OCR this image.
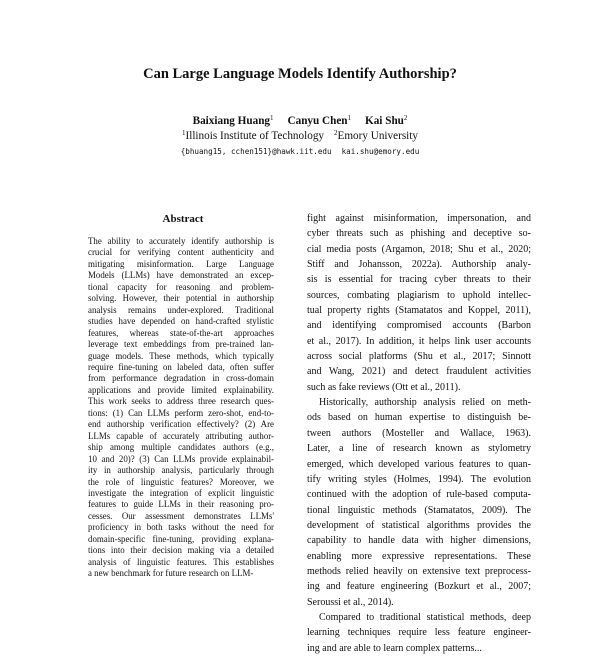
Can Large Language Models Identify Authorship?
Baixiang Huang$^1$ Canyu Chen$^1$ Kai Shu$^2$
$^1$Illinois Institute of Technology $^2$Emory University
{bhuang15, cchen151}@hawk.iit.edu kai.shu@emory.edu
Abstract
The ability to accurately identify authorship is
crucial for verifying content authenticity and
mitigating misinformation. Large Language
Models (LLMs) have demonstrated an excep-
tional capacity for reasoning and problem-
solving. However, their potential in authorship
analysis remains under-explored. Traditional
studies have depended on hand-crafted stylistic
features, whereas state-of-the-art approaches
leverage text embeddings from pre-trained lan-
guage models. These methods, which typically
require fine-tuning on labeled data, often suffer
from performance degradation in cross-domain
applications and provide limited explainability.
This work seeks to address three research ques-
tions: (1) Can LLMs perform zero-shot, end-to-
end authorship verification effectively? (2) Are
LLMs capable of accurately attributing author-
ship among multiple candidates authors (e.g.,
10 and 20)? (3) Can LLMs provide explainabil-
ity in authorship analysis, particularly through
the role of linguistic features? Moreover, we
investigate the integration of explicit linguistic
features to guide LLMs in their reasoning pro-
cesses. Our assessment demonstrates LLMs'
proficiency in both tasks without the need for
domain-specific fine-tuning, providing explana-
tions into their decision making via a detailed
analysis of linguistic features. This establishes
a new benchmark for future research on LLM-
fight against misinformation, impersonation, and
cyber threats such as phishing and deceptive so-
cial media posts (Argamon, 2018; Shu et al., 2020;
Stiff and Johansson, 2022a). Authorship analy-
sis is essential for tracing cyber threats to their
sources, combating plagiarism to uphold intellec-
tual property rights (Stamatatos and Koppel, 2011),
and identifying compromised accounts (Barbon
et al., 2017). In addition, it helps link user accounts
across social platforms (Shu et al., 2017; Sinnott
and Wang, 2021) and detect fraudulent activities
such as fake reviews (Ott et al., 2011).
Historically, authorship analysis relied on meth-
ods based on human expertise to distinguish be-
tween authors (Mosteller and Wallace, 1963).
Later, a line of research known as stylometry
emerged, which developed various features to quan-
tify writing styles (Holmes, 1994). The evolution
continued with the adoption of rule-based computa-
tional linguistic methods (Stamatatos, 2009). The
development of statistical algorithms provides the
capability to handle data with higher dimensions,
enabling more expressive representations. These
methods relied heavily on extensive text preprocess-
ing and feature engineering (Bozkurt et al., 2007;
Seroussi et al., 2014).
Compared to traditional statistical methods, deep
learning techniques require less feature engineer-
ing and are able to learn complex patterns...
